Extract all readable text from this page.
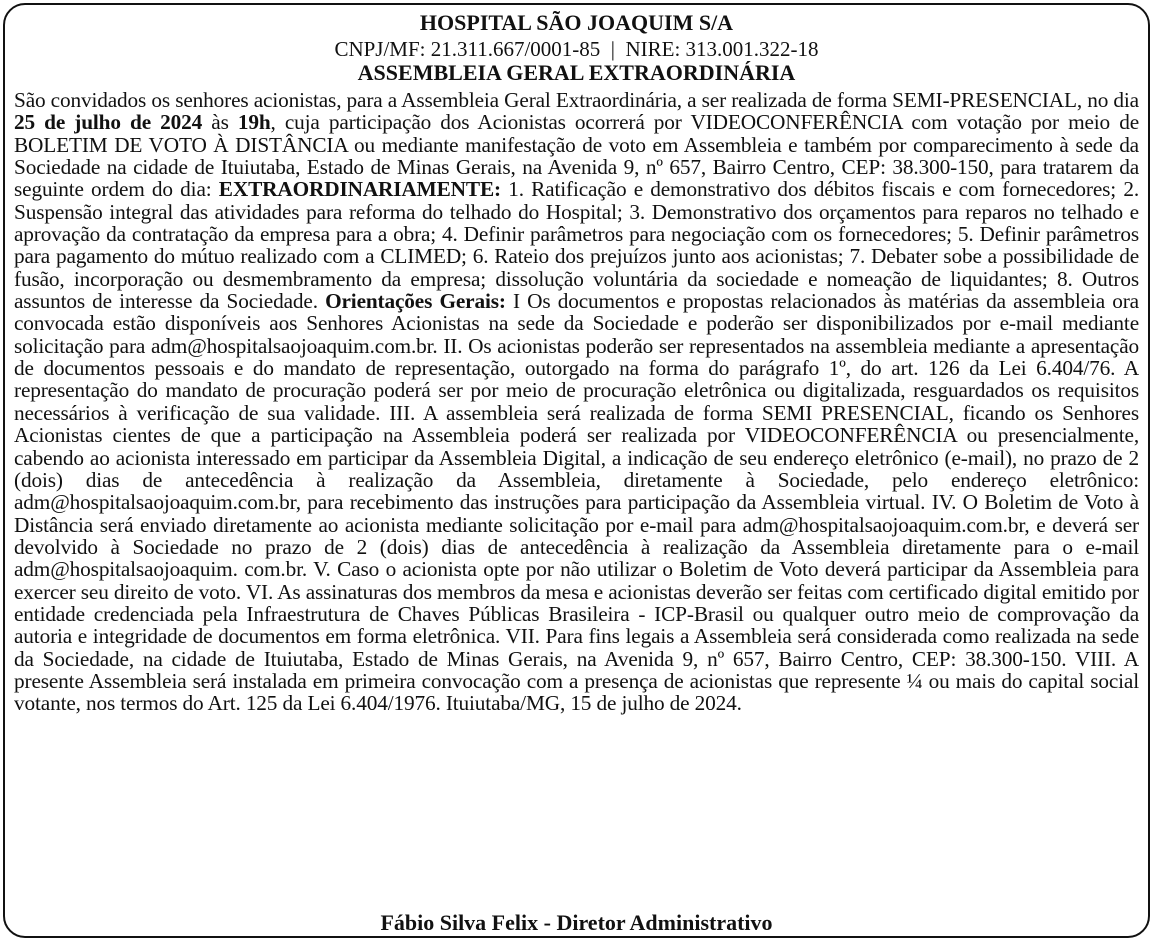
HOSPITAL SÃO JOAQUIM S/A
CNPJ/MF: 21.311.667/0001-85  |  NIRE: 313.001.322-18
ASSEMBLEIA GERAL EXTRAORDINÁRIA
São convidados os senhores acionistas, para a Assembleia Geral Extraordinária, a ser realizada de forma SEMI-PRESENCIAL, no dia 25 de julho de 2024 às 19h, cuja participação dos Acionistas ocorrerá por VIDEOCONFERÊNCIA com votação por meio de BOLETIM DE VOTO À DISTÂNCIA ou mediante manifestação de voto em Assembleia e também por comparecimento à sede da Sociedade na cidade de Ituiutaba, Estado de Minas Gerais, na Avenida 9, nº 657, Bairro Centro, CEP: 38.300-150, para tratarem da seguinte ordem do dia: EXTRAORDINARIAMENTE: 1. Ratificação e demonstrativo dos débitos fiscais e com fornecedores; 2. Suspensão integral das atividades para reforma do telhado do Hospital; 3. Demonstrativo dos orçamentos para reparos no telhado e aprovação da contratação da empresa para a obra; 4. Definir parâmetros para negociação com os fornecedores; 5. Definir parâmetros para pagamento do mútuo realizado com a CLIMED; 6. Rateio dos prejuízos junto aos acionistas; 7. Debater sobe a possibilidade de fusão, incorporação ou desmembramento da empresa; dissolução voluntária da sociedade e nomeação de liquidantes; 8. Outros assuntos de interesse da Sociedade. Orientações Gerais: I Os documentos e propostas relacionados às matérias da assembleia ora convocada estão disponíveis aos Senhores Acionistas na sede da Sociedade e poderão ser disponibilizados por e-mail mediante solicitação para adm@hospitalsaojoaquim.com.br. II. Os acionistas poderão ser representados na assembleia mediante a apresentação de documentos pessoais e do mandato de representação, outorgado na forma do parágrafo 1º, do art. 126 da Lei 6.404/76. A representação do mandato de procuração poderá ser por meio de procuração eletrônica ou digitalizada, resguardados os requisitos necessários à verificação de sua validade. III. A assembleia será realizada de forma SEMI PRESENCIAL, ficando os Senhores Acionistas cientes de que a participação na Assembleia poderá ser realizada por VIDEOCONFERÊNCIA ou presencialmente, cabendo ao acionista interessado em participar da Assembleia Digital, a indicação de seu endereço eletrônico (e-mail), no prazo de 2 (dois) dias de antecedência à realização da Assembleia, diretamente à Sociedade, pelo endereço eletrônico: adm@hospitalsaojoaquim.com.br, para recebimento das instruções para participação da Assembleia virtual. IV. O Boletim de Voto à Distância será enviado diretamente ao acionista mediante solicitação por e-mail para adm@hospitalsaojoaquim.com.br, e deverá ser devolvido à Sociedade no prazo de 2 (dois) dias de antecedência à realização da Assembleia diretamente para o e-mail adm@hospitalsaojoaquim. com.br. V. Caso o acionista opte por não utilizar o Boletim de Voto deverá participar da Assembleia para exercer seu direito de voto. VI. As assinaturas dos membros da mesa e acionistas deverão ser feitas com certificado digital emitido por entidade credenciada pela Infraestrutura de Chaves Públicas Brasileira - ICP-Brasil ou qualquer outro meio de comprovação da autoria e integridade de documentos em forma eletrônica. VII. Para fins legais a Assembleia será considerada como realizada na sede da Sociedade, na cidade de Ituiutaba, Estado de Minas Gerais, na Avenida 9, nº 657, Bairro Centro, CEP: 38.300-150. VIII. A presente Assembleia será instalada em primeira convocação com a presença de acionistas que represente ¼ ou mais do capital social votante, nos termos do Art. 125 da Lei 6.404/1976. Ituiutaba/MG, 15 de julho de 2024.
Fábio Silva Felix - Diretor Administrativo
